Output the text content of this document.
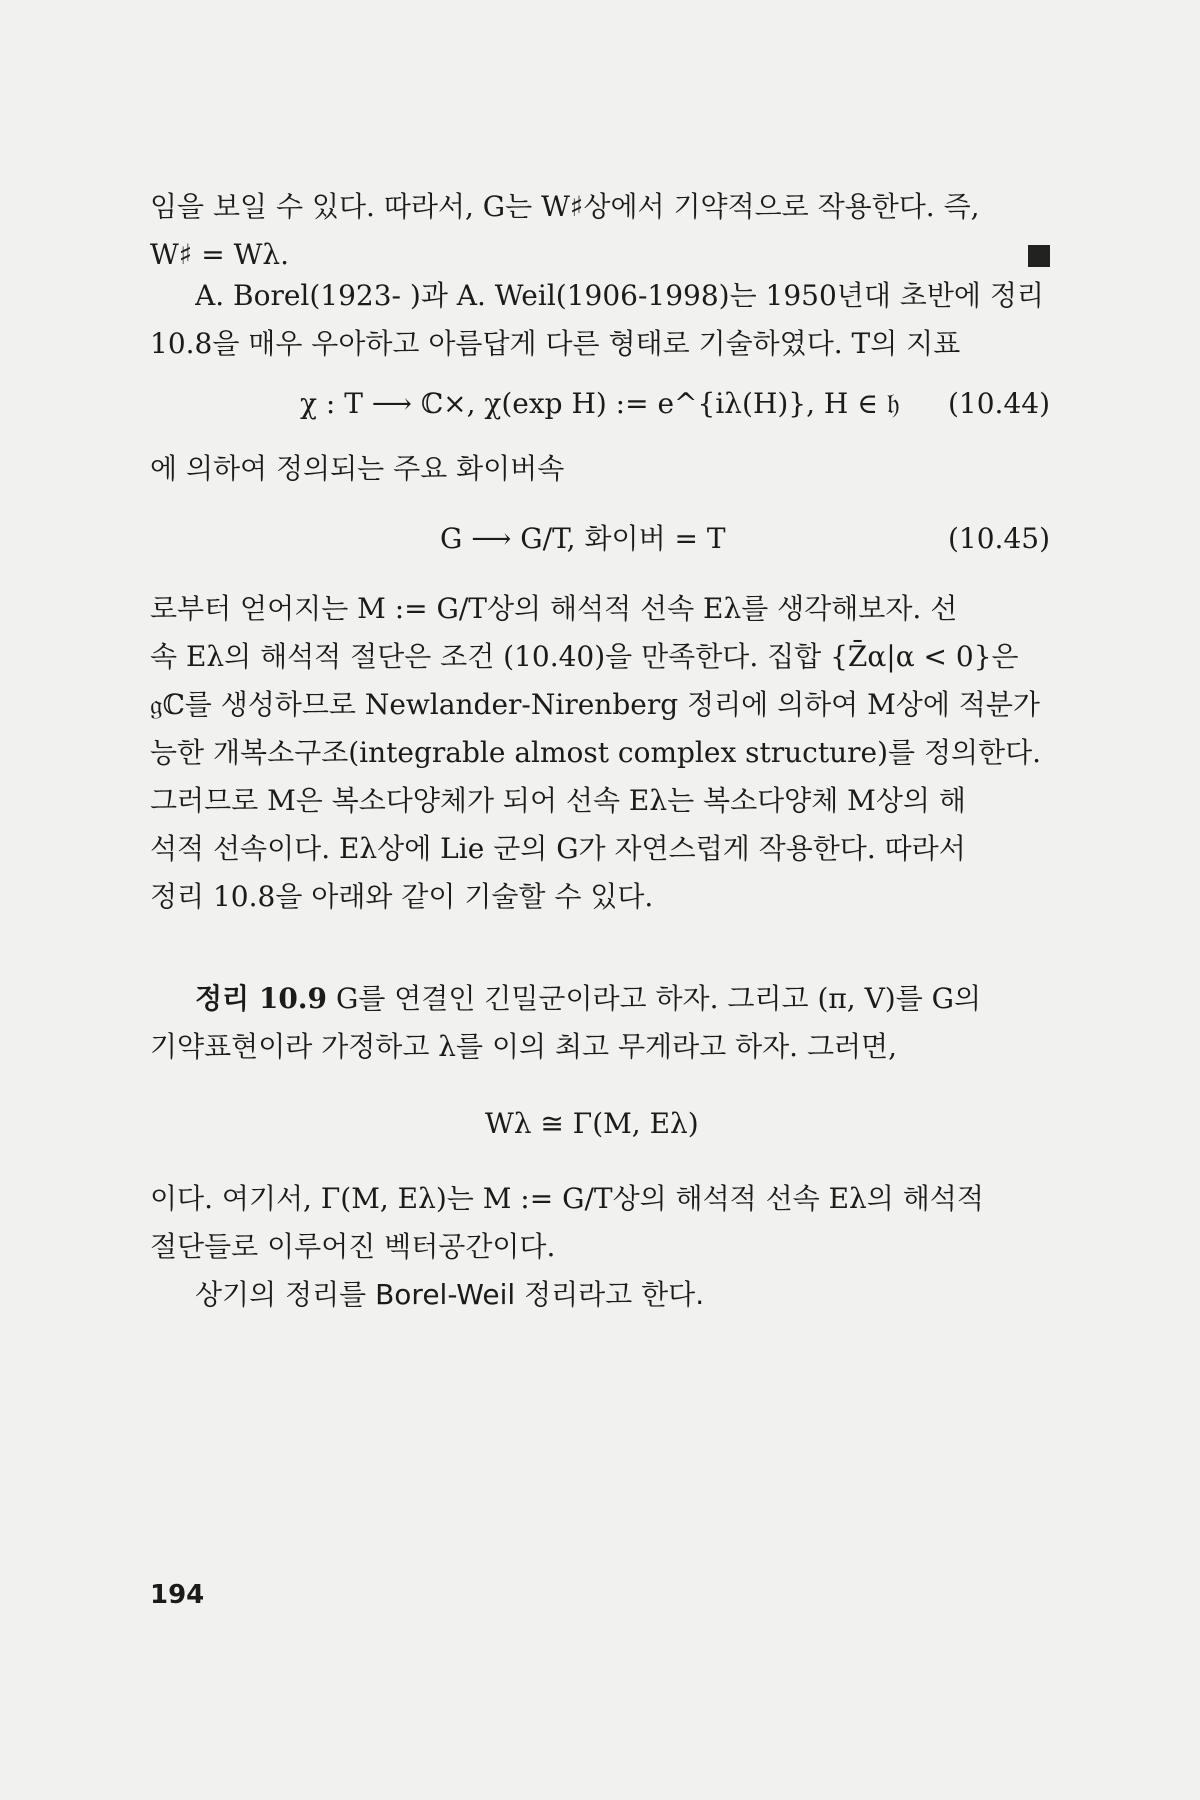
임을 보일 수 있다. 따라서, G는 W♯상에서 기약적으로 작용한다. 즉,
W♯ = Wλ.
A. Borel(1923- )과 A. Weil(1906-1998)는 1950년대 초반에 정리
10.8을 매우 우아하고 아름답게 다른 형태로 기술하였다. T의 지표
χ : T ⟶ ℂ×, χ(exp H) := e^{iλ(H)}, H ∈ 𝔥 (10.44)
에 의하여 정의되는 주요 화이버속
G ⟶ G/T, 화이버 = T	(10.45)
로부터 얻어지는 M := G/T상의 해석적 선속 Eλ를 생각해보자. 선
속 Eλ의 해석적 절단은 조건 (10.40)을 만족한다. 집합 {Z̄α|α < 0}은
𝔤ℂ를 생성하므로 Newlander-Nirenberg 정리에 의하여 M상에 적분가
능한 개복소구조(integrable almost complex structure)를 정의한다.
그러므로 M은 복소다양체가 되어 선속 Eλ는 복소다양체 M상의 해
석적 선속이다. Eλ상에 Lie 군의 G가 자연스럽게 작용한다. 따라서
정리 10.8을 아래와 같이 기술할 수 있다.
정리 10.9 G를 연결인 긴밀군이라고 하자. 그리고 (π, V)를 G의
기약표현이라 가정하고 λ를 이의 최고 무게라고 하자. 그러면,
Wλ ≅ Γ(M, Eλ)
이다. 여기서, Γ(M, Eλ)는 M := G/T상의 해석적 선속 Eλ의 해석적
절단들로 이루어진 벡터공간이다.
상기의 정리를 Borel-Weil 정리라고 한다.
194
